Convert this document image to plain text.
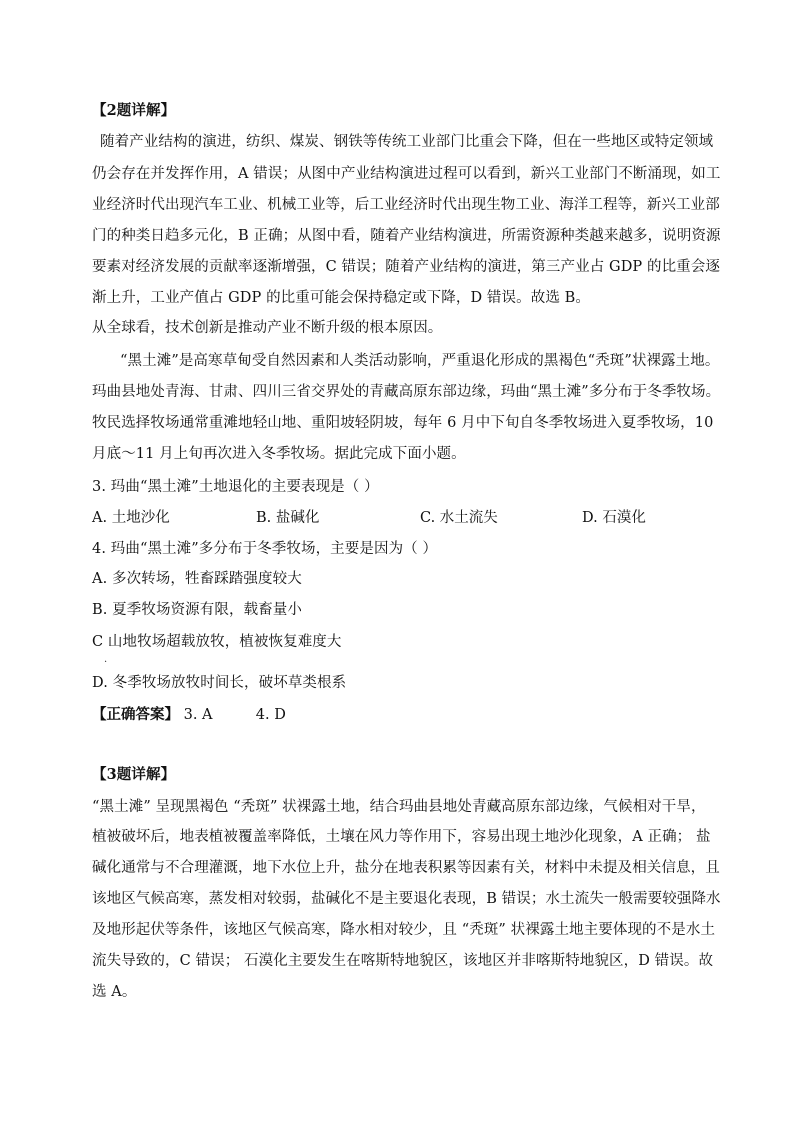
【2题详解】
随着产业结构的演进，纺织、煤炭、钢铁等传统工业部门比重会下降，但在一些地区或特定领域
仍会存在并发挥作用，A 错误；从图中产业结构演进过程可以看到，新兴工业部门不断涌现，如工
业经济时代出现汽车工业、机械工业等，后工业经济时代出现生物工业、海洋工程等，新兴工业部
门的种类日趋多元化，B 正确；从图中看，随着产业结构演进，所需资源种类越来越多，说明资源
要素对经济发展的贡献率逐渐增强，C 错误；随着产业结构的演进，第三产业占 GDP 的比重会逐
渐上升，工业产值占 GDP 的比重可能会保持稳定或下降，D 错误。故选 B。
从全球看，技术创新是推动产业不断升级的根本原因。
“黑土滩”是高寒草甸受自然因素和人类活动影响，严重退化形成的黑褐色“秃斑”状裸露土地。
玛曲县地处青海、甘肃、四川三省交界处的青藏高原东部边缘，玛曲“黑土滩”多分布于冬季牧场。
牧民选择牧场通常重滩地轻山地、重阳坡轻阴坡，每年 6 月中下旬自冬季牧场进入夏季牧场，10
月底～11 月上旬再次进入冬季牧场。据此完成下面小题。
3. 玛曲“黑土滩”土地退化的主要表现是（ ）
A. 土地沙化	B. 盐碱化	C. 水土流失	D. 石漠化
4. 玛曲“黑土滩”多分布于冬季牧场，主要是因为（ ）
A. 多次转场，牲畜踩踏强度较大
B. 夏季牧场资源有限，载畜量小
C 山地牧场超载放牧，植被恢复难度大
.
D. 冬季牧场放牧时间长，破坏草类根系
【正确答案】 3. A	4. D
【3题详解】
“黑土滩” 呈现黑褐色 “秃斑” 状裸露土地，结合玛曲县地处青藏高原东部边缘，气候相对干旱，
植被破坏后，地表植被覆盖率降低，土壤在风力等作用下，容易出现土地沙化现象，A 正确； 盐
碱化通常与不合理灌溉，地下水位上升，盐分在地表积累等因素有关，材料中未提及相关信息，且
该地区气候高寒，蒸发相对较弱，盐碱化不是主要退化表现，B 错误；水土流失一般需要较强降水
及地形起伏等条件，该地区气候高寒，降水相对较少，且 “秃斑” 状裸露土地主要体现的不是水土
流失导致的，C 错误； 石漠化主要发生在喀斯特地貌区，该地区并非喀斯特地貌区，D 错误。故
选 A。
